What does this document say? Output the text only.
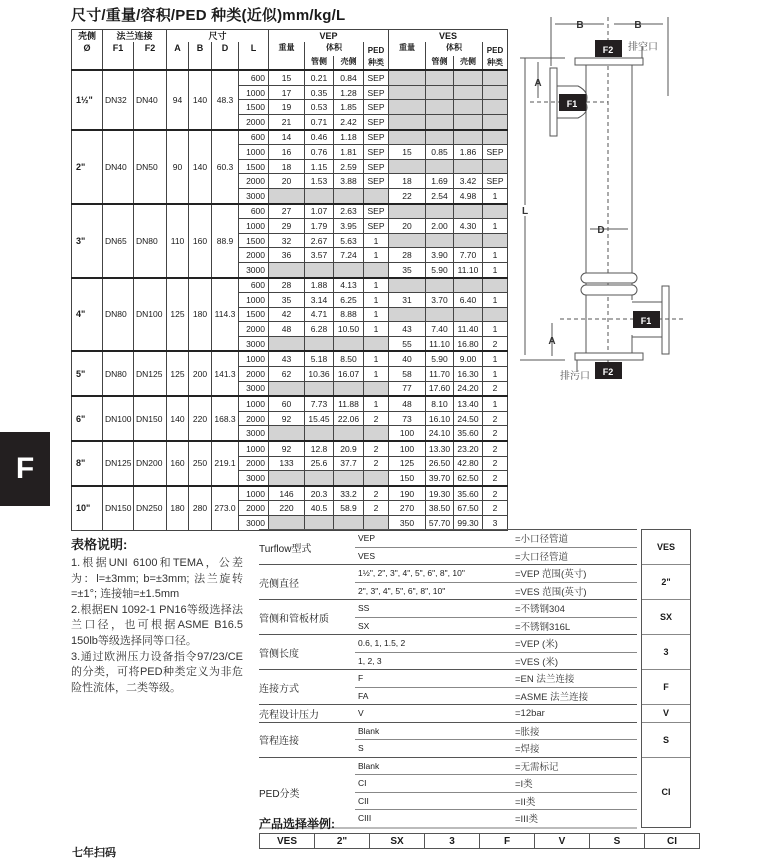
尺寸/重量/容积/PED 种类(近似)mm/kg/L
壳侧
Ø	法兰连接		尺寸				VEP				VES			
	F1	F2	A	B	D	L	重量	体积		PED 种类	重量	体积		PED 种类
								管侧	壳侧			管侧	壳侧	
1½"	DN32	DN40	94	140	48.3	600	15	0.21	0.84	SEP				
						1000	17	0.35	1.28	SEP				
						1500	19	0.53	1.85	SEP				
						2000	21	0.71	2.42	SEP				
2"	DN40	DN50	90	140	60.3	600	14	0.46	1.18	SEP				
						1000	16	0.76	1.81	SEP	15	0.85	1.86	SEP
						1500	18	1.15	2.59	SEP				
						2000	20	1.53	3.88	SEP	18	1.69	3.42	SEP
						3000					22	2.54	4.98	1
3"	DN65	DN80	110	160	88.9	600	27	1.07	2.63	SEP				
						1000	29	1.79	3.95	SEP	20	2.00	4.30	1
						1500	32	2.67	5.63	1				
						2000	36	3.57	7.24	1	28	3.90	7.70	1
						3000					35	5.90	11.10	1
4"	DN80	DN100	125	180	114.3	600	28	1.88	4.13	1				
						1000	35	3.14	6.25	1	31	3.70	6.40	1
						1500	42	4.71	8.88	1				
						2000	48	6.28	10.50	1	43	7.40	11.40	1
						3000					55	11.10	16.80	2
5"	DN80	DN125	125	200	141.3	1000	43	5.18	8.50	1	40	5.90	9.00	1
						2000	62	10.36	16.07	1	58	11.70	16.30	1
						3000					77	17.60	24.20	2
6"	DN100	DN150	140	220	168.3	1000	60	7.73	11.88	1	48	8.10	13.40	1
						2000	92	15.45	22.06	2	73	16.10	24.50	2
						3000					100	24.10	35.60	2
8"	DN125	DN200	160	250	219.1	1000	92	12.8	20.9	2	100	13.30	23.20	2
						2000	133	25.6	37.7	2	125	26.50	42.80	2
						3000					150	39.70	62.50	2
10"	DN150	DN250	180	280	273.0	1000	146	20.3	33.2	2	190	19.30	35.60	2
						2000	220	40.5	58.9	2	270	38.50	67.50	2
						3000					350	57.70	99.30	3
F
B	B
A
L
D
A
F2
F1
F1
F2
排空口
排污口
表格说明:

1.根据UNI 6100和TEMA，公差为：l=±3mm; b=±3mm; 法兰旋转=±1°; 连接轴=±1.5mm

2.根据EN 1092-1 PN16等级选择法兰口径，也可根据ASME B16.5 150lb等级选择同等口径。

3.通过欧洲压力设备指令97/23/CE 的分类，可将PED种类定义为非危险性流体，二类等级。

Turflow型式
VEP	=小口径管道
VES	=大口径管道
壳侧直径
1½", 2", 3", 4", 5", 6", 8", 10"	=VEP 范围(英寸)
2", 3", 4", 5", 6", 8", 10"	=VES 范围(英寸)
管侧和管板材质
SS	=不锈钢304
SX	=不锈钢316L
管侧长度
0.6, 1, 1.5, 2	=VEP (米)
1, 2, 3	=VES (米)
连接方式
F	=EN 法兰连接
FA	=ASME 法兰连接
壳程设计压力	V	=12bar
管程连接
Blank	=胀接
S	=焊接
PED分类
Blank	=无需标记
CI	=I类
CII	=II类
CIII	=III类
VES
2"
SX
3
F
V
S
CI
产品选择举例:
VES	2"	SX	3	F	V	S	CI
七年扫码
